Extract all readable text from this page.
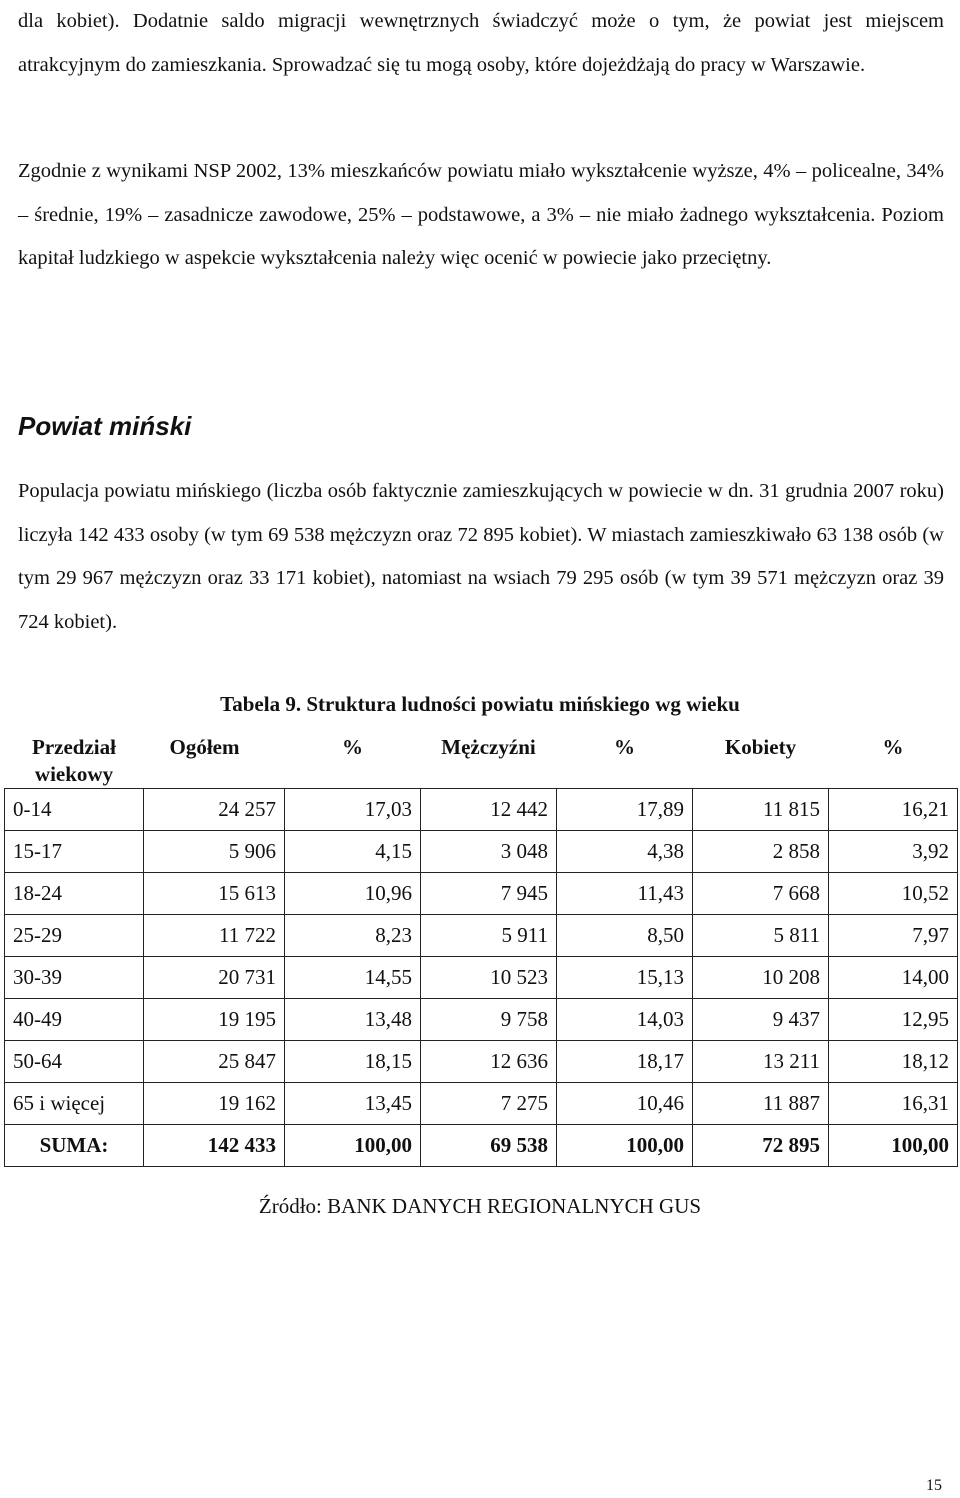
dla kobiet). Dodatnie saldo migracji wewnętrznych świadczyć może o tym, że powiat jest miejscem atrakcyjnym do zamieszkania. Sprowadzać się tu mogą osoby, które dojeżdżają do pracy w Warszawie.

Zgodnie z wynikami NSP 2002, 13% mieszkańców powiatu miało wykształcenie wyższe, 4% – policealne, 34% – średnie, 19% – zasadnicze zawodowe, 25% – podstawowe, a 3% – nie miało żadnego wykształcenia. Poziom kapitał ludzkiego w aspekcie wykształcenia należy więc ocenić w powiecie jako przeciętny.

Powiat miński

Populacja powiatu mińskiego (liczba osób faktycznie zamieszkujących w powiecie w dn. 31 grudnia 2007 roku) liczyła 142 433 osoby (w tym 69 538 mężczyzn oraz 72 895 kobiet). W miastach zamieszkiwało 63 138 osób (w tym 29 967 mężczyzn oraz 33 171 kobiet), natomiast na wsiach 79 295 osób (w tym 39 571 mężczyzn oraz 39 724 kobiet).

Tabela 9. Struktura ludności powiatu mińskiego wg wieku

Przedział wiekowy	Ogółem	%	Mężczyźni	%	Kobiety	%
0-14	24 257	17,03	12 442	17,89	11 815	16,21
15-17	5 906	4,15	3 048	4,38	2 858	3,92
18-24	15 613	10,96	7 945	11,43	7 668	10,52
25-29	11 722	8,23	5 911	8,50	5 811	7,97
30-39	20 731	14,55	10 523	15,13	10 208	14,00
40-49	19 195	13,48	9 758	14,03	9 437	12,95
50-64	25 847	18,15	12 636	18,17	13 211	18,12
65 i więcej	19 162	13,45	7 275	10,46	11 887	16,31
SUMA:	142 433	100,00	69 538	100,00	72 895	100,00

Źródło: BANK DANYCH REGIONALNYCH GUS

15
